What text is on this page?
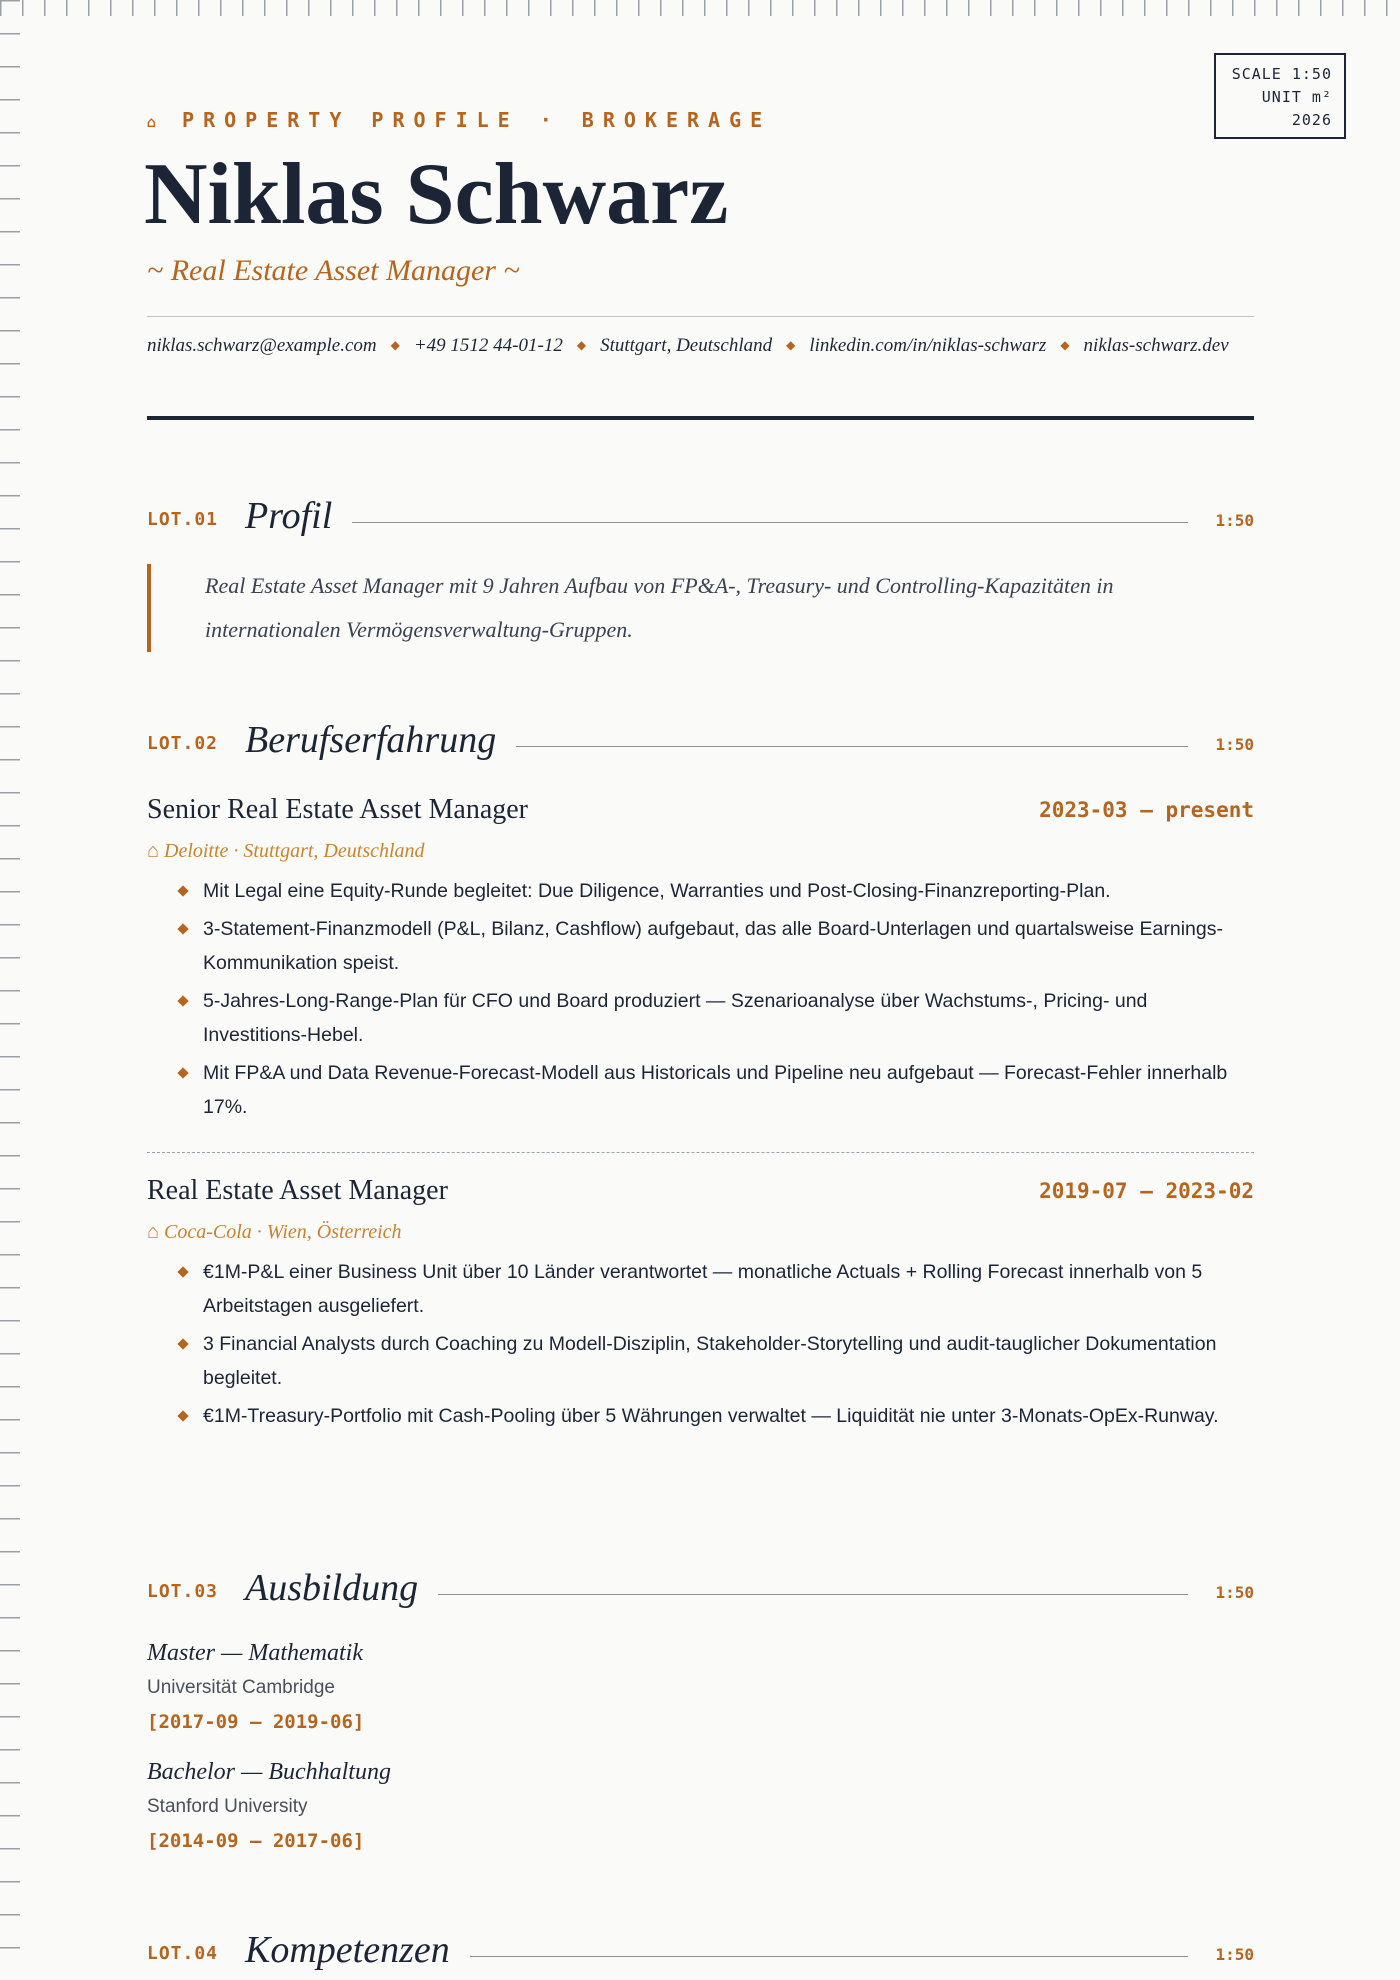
SCALE 1:50
UNIT m²
2026
⌂ PROPERTY PROFILE · BROKERAGE
Niklas Schwarz
~ Real Estate Asset Manager ~
niklas.schwarz@example.com ◆ +49 1512 44-01-12 ◆ Stuttgart, Deutschland ◆ linkedin.com/in/niklas-schwarz ◆ niklas-schwarz.dev
LOT.01 Profil	1:50
Real Estate Asset Manager mit 9 Jahren Aufbau von FP&A-, Treasury- und Controlling-Kapazitäten in internationalen Vermögensverwaltung-Gruppen.
LOT.02 Berufserfahrung	1:50
Senior Real Estate Asset Manager	2023-03 — present
⌂ Deloitte · Stuttgart, Deutschland
Mit Legal eine Equity-Runde begleitet: Due Diligence, Warranties und Post-Closing-Finanzreporting-Plan.
3-Statement-Finanzmodell (P&L, Bilanz, Cashflow) aufgebaut, das alle Board-Unterlagen und quartalsweise Earnings-Kommunikation speist.
5-Jahres-Long-Range-Plan für CFO und Board produziert — Szenarioanalyse über Wachstums-, Pricing- und Investitions-Hebel.
Mit FP&A und Data Revenue-Forecast-Modell aus Historicals und Pipeline neu aufgebaut — Forecast-Fehler innerhalb 17%.
Real Estate Asset Manager	2019-07 — 2023-02
⌂ Coca-Cola · Wien, Österreich
€1M-P&L einer Business Unit über 10 Länder verantwortet — monatliche Actuals + Rolling Forecast innerhalb von 5 Arbeitstagen ausgeliefert.
3 Financial Analysts durch Coaching zu Modell-Disziplin, Stakeholder-Storytelling und audit-tauglicher Dokumentation begleitet.
€1M-Treasury-Portfolio mit Cash-Pooling über 5 Währungen verwaltet — Liquidität nie unter 3-Monats-OpEx-Runway.
LOT.03 Ausbildung	1:50
Master — Mathematik
Universität Cambridge
[2017-09 – 2019-06]
Bachelor — Buchhaltung
Stanford University
[2014-09 – 2017-06]
LOT.04 Kompetenzen	1:50
